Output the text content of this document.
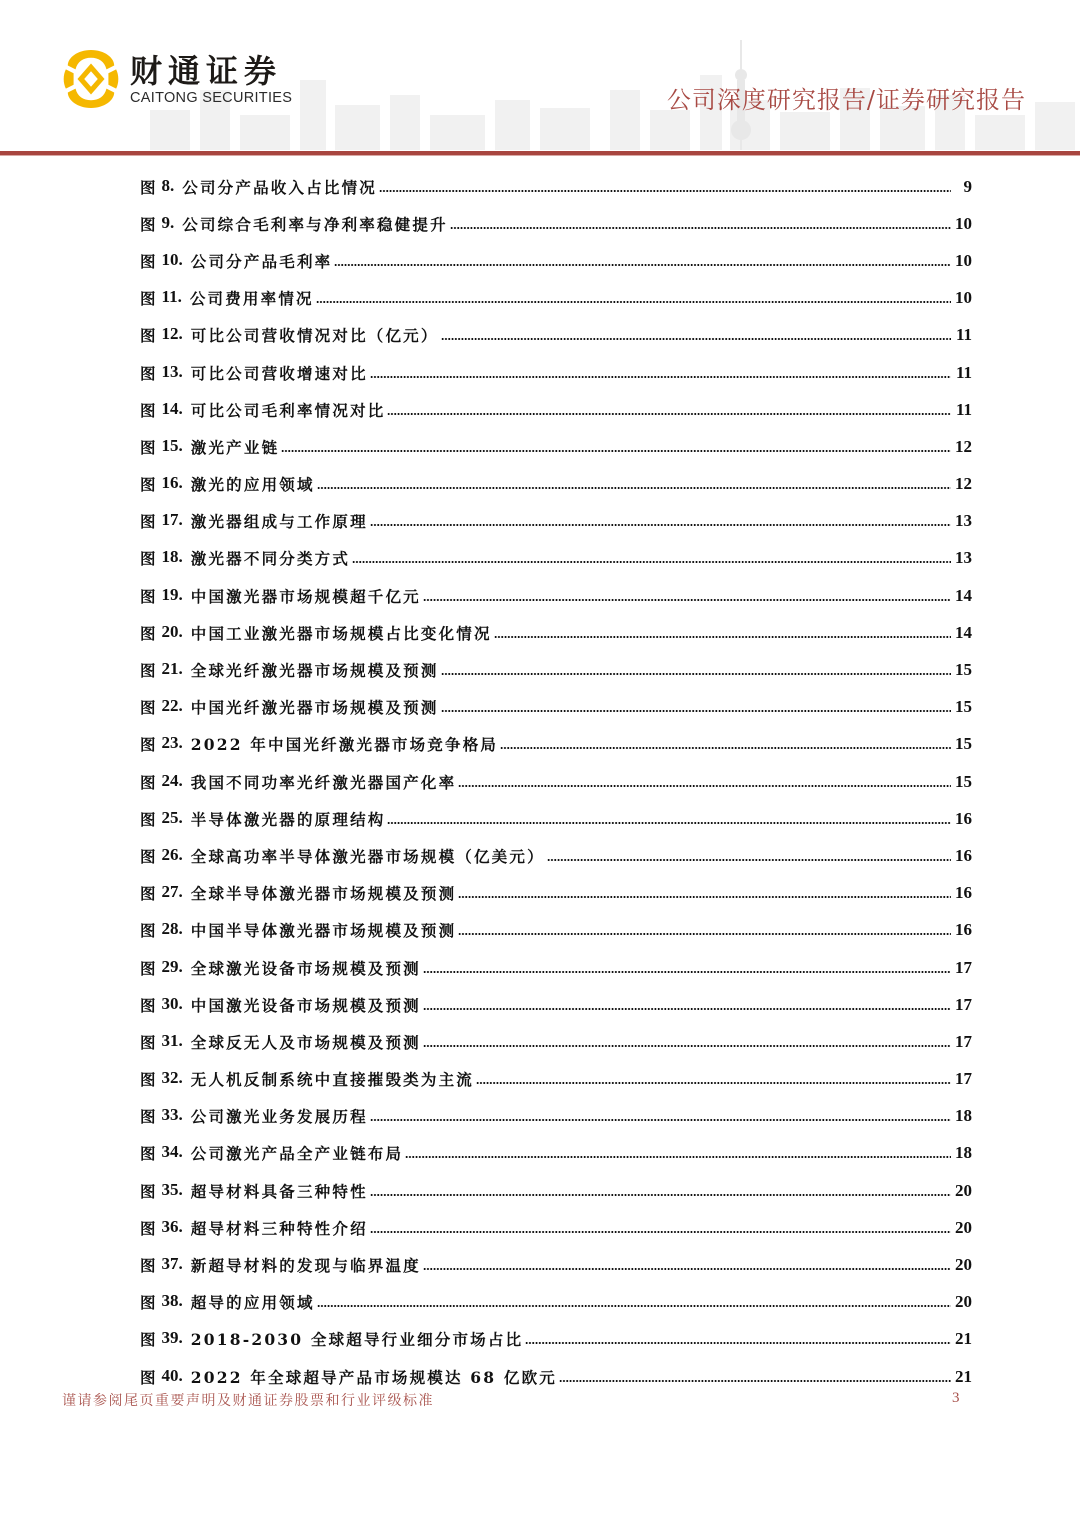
财通证券
CAITONG SECURITIES	公司深度研究报告/证券研究报告
图 8. 公司分产品收入占比情况	9
图 9. 公司综合毛利率与净利率稳健提升	10
图 10. 公司分产品毛利率	10
图 11. 公司费用率情况	10
图 12. 可比公司营收情况对比（亿元）	11
图 13. 可比公司营收增速对比	11
图 14. 可比公司毛利率情况对比	11
图 15. 激光产业链	12
图 16. 激光的应用领域	12
图 17. 激光器组成与工作原理	13
图 18. 激光器不同分类方式	13
图 19. 中国激光器市场规模超千亿元	14
图 20. 中国工业激光器市场规模占比变化情况	14
图 21. 全球光纤激光器市场规模及预测	15
图 22. 中国光纤激光器市场规模及预测	15
图 23. 2022 年中国光纤激光器市场竞争格局	15
图 24. 我国不同功率光纤激光器国产化率	15
图 25. 半导体激光器的原理结构	16
图 26. 全球高功率半导体激光器市场规模（亿美元）	16
图 27. 全球半导体激光器市场规模及预测	16
图 28. 中国半导体激光器市场规模及预测	16
图 29. 全球激光设备市场规模及预测	17
图 30. 中国激光设备市场规模及预测	17
图 31. 全球反无人及市场规模及预测	17
图 32. 无人机反制系统中直接摧毁类为主流	17
图 33. 公司激光业务发展历程	18
图 34. 公司激光产品全产业链布局	18
图 35. 超导材料具备三种特性	20
图 36. 超导材料三种特性介绍	20
图 37. 新超导材料的发现与临界温度	20
图 38. 超导的应用领域	20
图 39. 2018-2030 全球超导行业细分市场占比	21
图 40. 2022 年全球超导产品市场规模达 68 亿欧元	21
谨请参阅尾页重要声明及财通证券股票和行业评级标准	3
